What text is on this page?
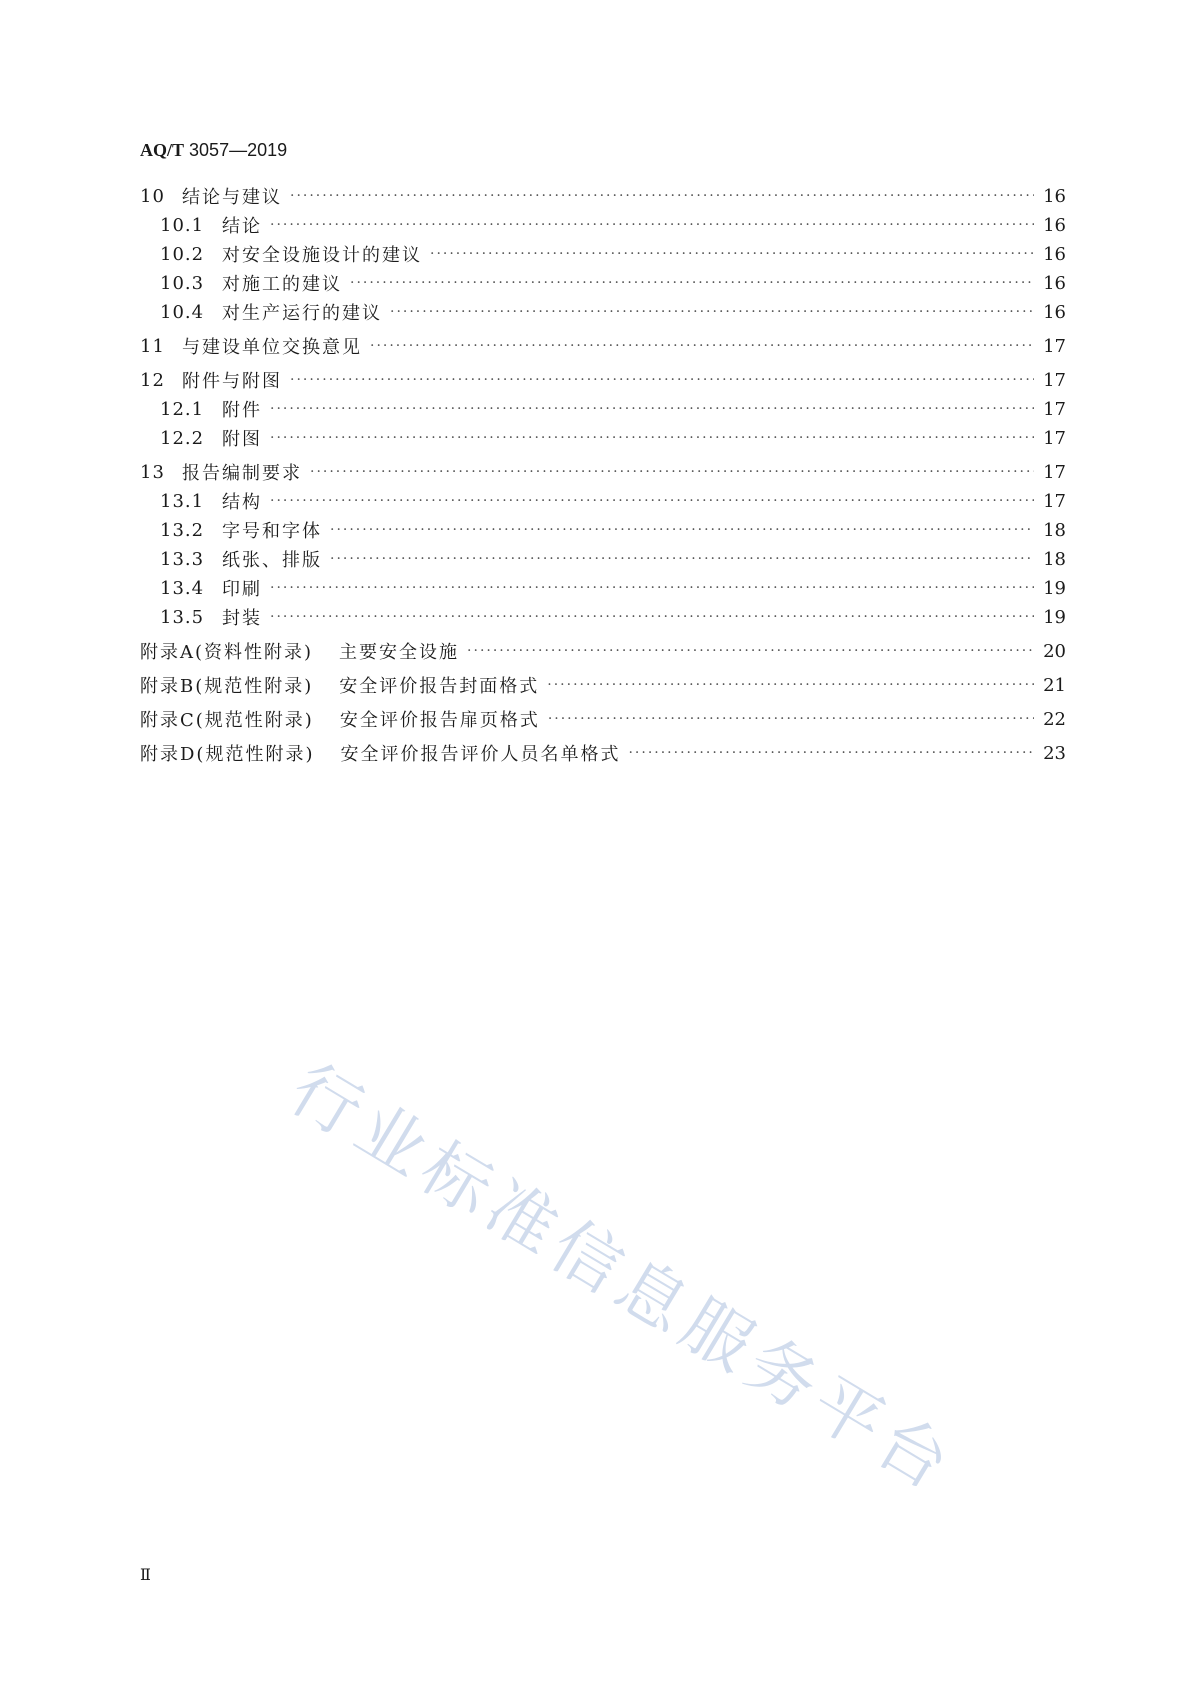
AQ/T 3057—2019
10 结论与建议 ·····	16
10.1 结论 ·····	16
10.2 对安全设施设计的建议 ·····	16
10.3 对施工的建议 ·····	16
10.4 对生产运行的建议 ·····	16
11 与建设单位交换意见 ·····	17
12 附件与附图 ·····	17
12.1 附件 ·····	17
12.2 附图 ·····	17
13 报告编制要求 ·····	17
13.1 结构 ·····	17
13.2 字号和字体 ·····	18
13.3 纸张、排版 ·····	18
13.4 印刷 ·····	19
13.5 封装 ·····	19
附录A(资料性附录) 主要安全设施 ·····	20
附录B(规范性附录) 安全评价报告封面格式 ·····	21
附录C(规范性附录) 安全评价报告扉页格式 ·····	22
附录D(规范性附录) 安全评价报告评价人员名单格式 ·····	23
行业标准信息服务平台
Ⅱ
